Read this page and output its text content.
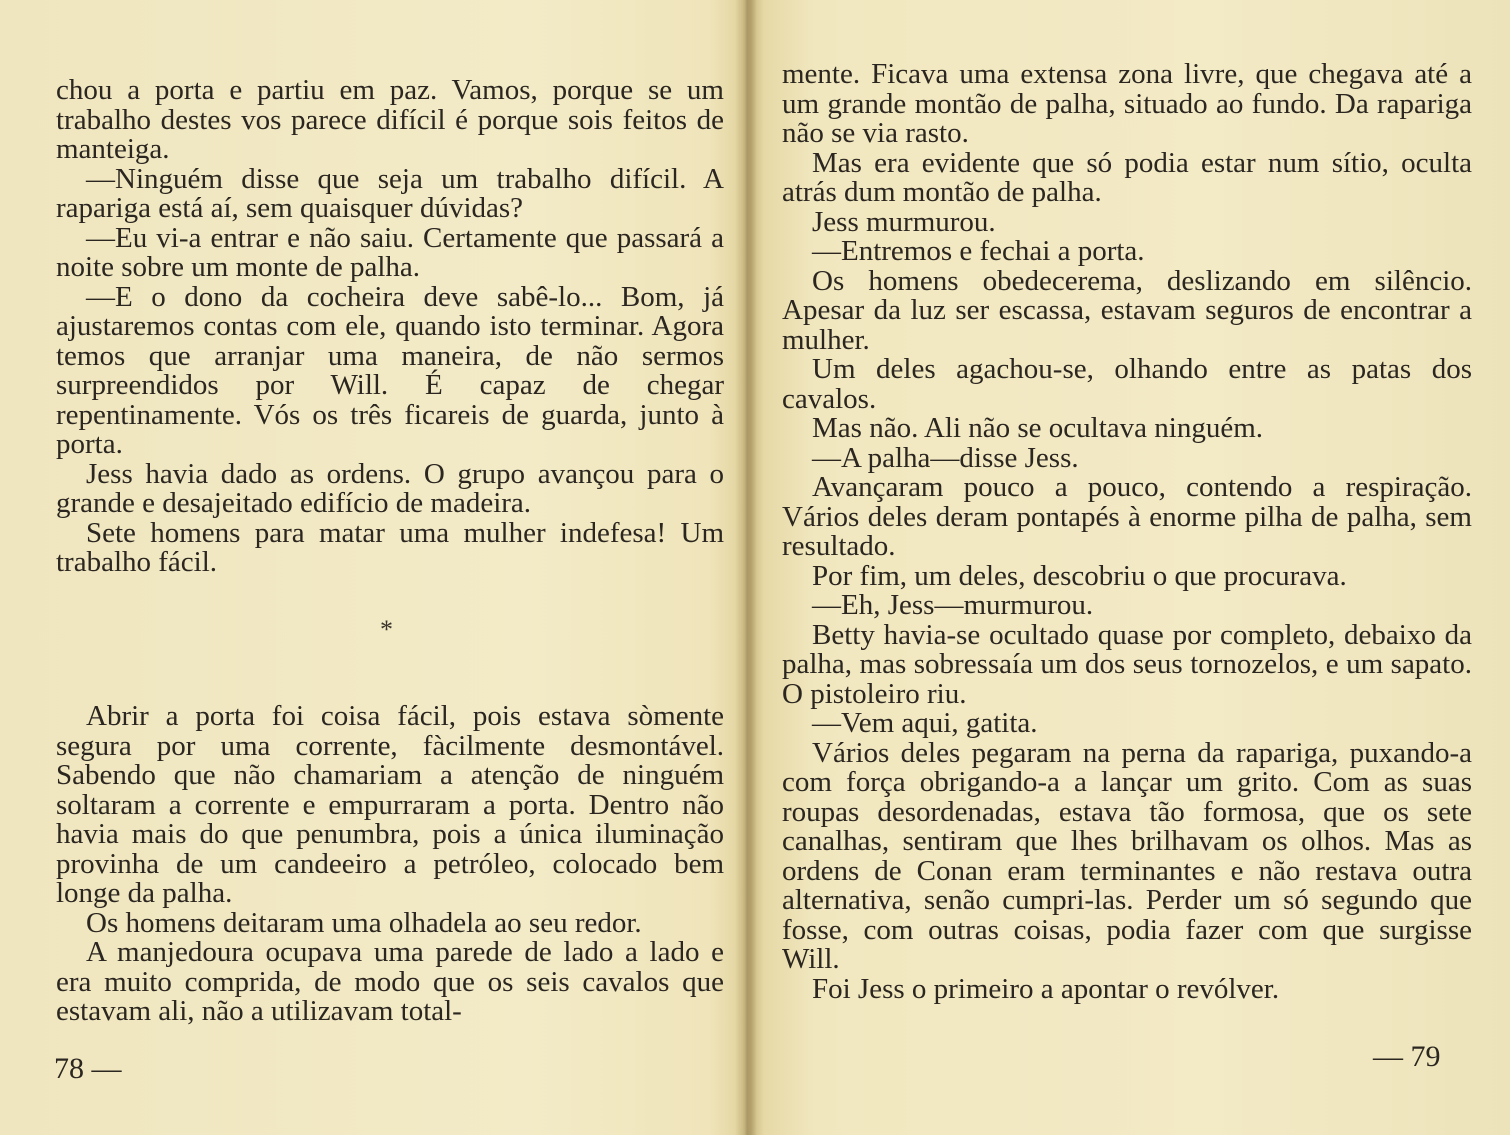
chou a porta e partiu em paz. Vamos, porque se um trabalho destes vos parece difícil é porque sois feitos de manteiga.

—Ninguém disse que seja um trabalho difícil. A rapariga está aí, sem quaisquer dúvidas?

—Eu vi-a entrar e não saiu. Certamente que passará a noite sobre um monte de palha.

—E o dono da cocheira deve sabê-lo... Bom, já ajustaremos contas com ele, quando isto terminar. Agora temos que arranjar uma maneira, de não sermos surpreendidos por Will. É capaz de chegar repentinamente. Vós os três ficareis de guarda, junto à porta.

Jess havia dado as ordens. O grupo avançou para o grande e desajeitado edifício de madeira.

Sete homens para matar uma mulher indefesa! Um trabalho fácil.

*

Abrir a porta foi coisa fácil, pois estava sòmente segura por uma corrente, fàcilmente desmontável. Sabendo que não chamariam a atenção de ninguém soltaram a corrente e empurraram a porta. Dentro não havia mais do que penumbra, pois a única iluminação provinha de um candeeiro a petróleo, colocado bem longe da palha.

Os homens deitaram uma olhadela ao seu redor.

A manjedoura ocupava uma parede de lado a lado e era muito comprida, de modo que os seis cavalos que estavam ali, não a utilizavam total-

78 —

mente. Ficava uma extensa zona livre, que chegava até a um grande montão de palha, situado ao fundo. Da rapariga não se via rasto.

Mas era evidente que só podia estar num sítio, oculta atrás dum montão de palha.

Jess murmurou.

—Entremos e fechai a porta.

Os homens obedeceremа, deslizando em silêncio. Apesar da luz ser escassa, estavam seguros de encontrar a mulher.

Um deles agachou-se, olhando entre as patas dos cavalos.

Mas não. Ali não se ocultava ninguém.

—A palha—disse Jess.

Avançaram pouco a pouco, contendo a respiração. Vários deles deram pontapés à enorme pilha de palha, sem resultado.

Por fim, um deles, descobriu o que procurava.

—Eh, Jess—murmurou.

Betty havia-se ocultado quase por completo, debaixo da palha, mas sobressaía um dos seus tornozelos, e um sapato. O pistoleiro riu.

—Vem aqui, gatita.

Vários deles pegaram na perna da rapariga, puxando-a com força obrigando-a a lançar um grito. Com as suas roupas desordenadas, estava tão formosa, que os sete canalhas, sentiram que lhes brilhavam os olhos. Mas as ordens de Conan eram terminantes e não restava outra alternativa, senão cumpri-las. Perder um só segundo que fosse, com outras coisas, podia fazer com que surgisse Will.

Foi Jess o primeiro a apontar o revólver.

— 79
